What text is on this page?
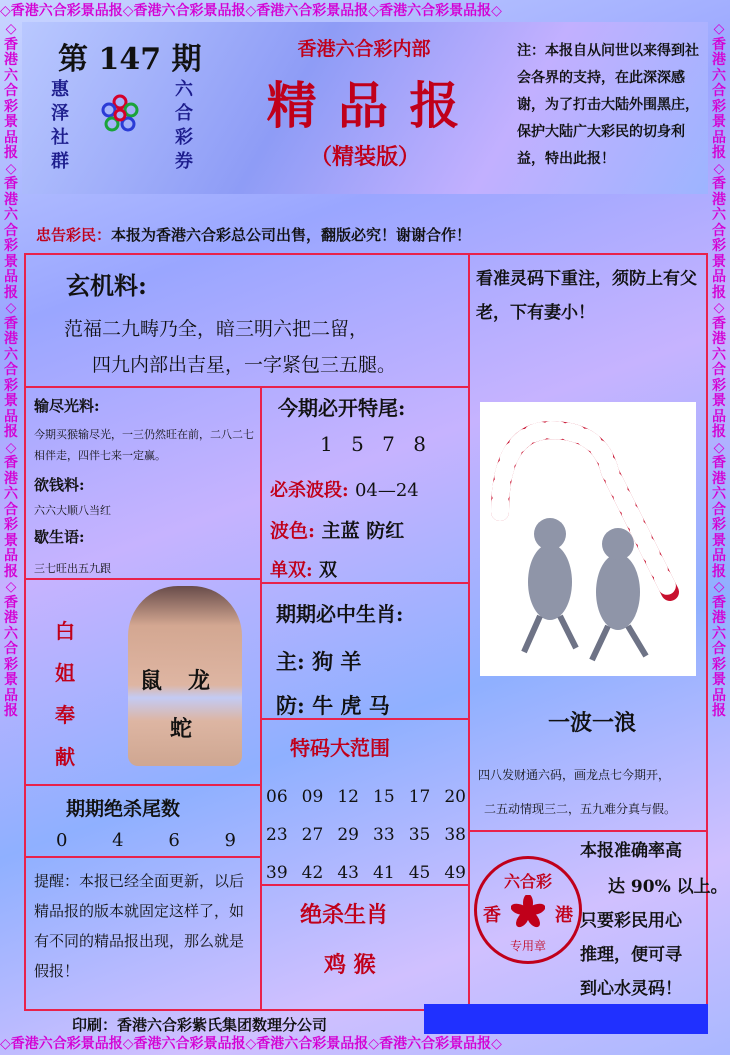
◇香港六合彩景品报◇香港六合彩景品报◇香港六合彩景品报◇香港六合彩景品报◇
◇香港六合彩景品报◇香港六合彩景品报◇香港六合彩景品报◇香港六合彩景品报◇
◇香港六合彩景品报◇香港六合彩景品报◇香港六合彩景品报◇香港六合彩景品报◇香港六合彩景品报
◇香港六合彩景品报◇香港六合彩景品报◇香港六合彩景品报◇香港六合彩景品报◇香港六合彩景品报
第 147 期
惠
泽
社
群
六
合
彩
券
香港六合彩内部
精 品 报
（精装版）
注：本报自从问世以来得到社会各界的支持，在此深深感谢，为了打击大陆外围黑庄，保护大陆广大彩民的切身利益，特出此报！
忠告彩民：本报为香港六合彩总公司出售，翻版必究！谢谢合作！
玄机料:
范福二九畴乃全，暗三明六把二留，
四九内部出吉星，一字紧包三五腿。
看准灵码下重注，须防上有父老，下有妻小！
输尽光料:
今期买猴输尽光，一三仍然旺在前，二八二七相伴走，四伴七来一定赢。
欲钱料:
六六大顺八当红
歇生语:
三七旺出五九跟
今期必开特尾:
1 5 7 8
必杀波段: 04—24
波色: 主蓝 防红
单双: 双
白
姐
奉
献
鼠 龙
蛇
期期必中生肖:
主: 狗 羊
防: 牛 虎 马
特码大范围
06 09 12 15 17 20
23 27 29 33 35 38
39 42 43 41 45 49
期期绝杀尾数
0 4 6 9
提醒：本报已经全面更新，以后精品报的版本就固定这样了，如有不同的精品报出现，那么就是假报！
绝杀生肖
鸡 猴
一波一浪
四八发财通六码，画龙点七今期开，
二五动情现三二，五九难分真与假。
本报准确率高
达 90% 以上。
只要彩民用心
推理，便可寻
到心水灵码！
六合彩
香	港
专用章
印刷：香港六合彩紫氏集团数理分公司
